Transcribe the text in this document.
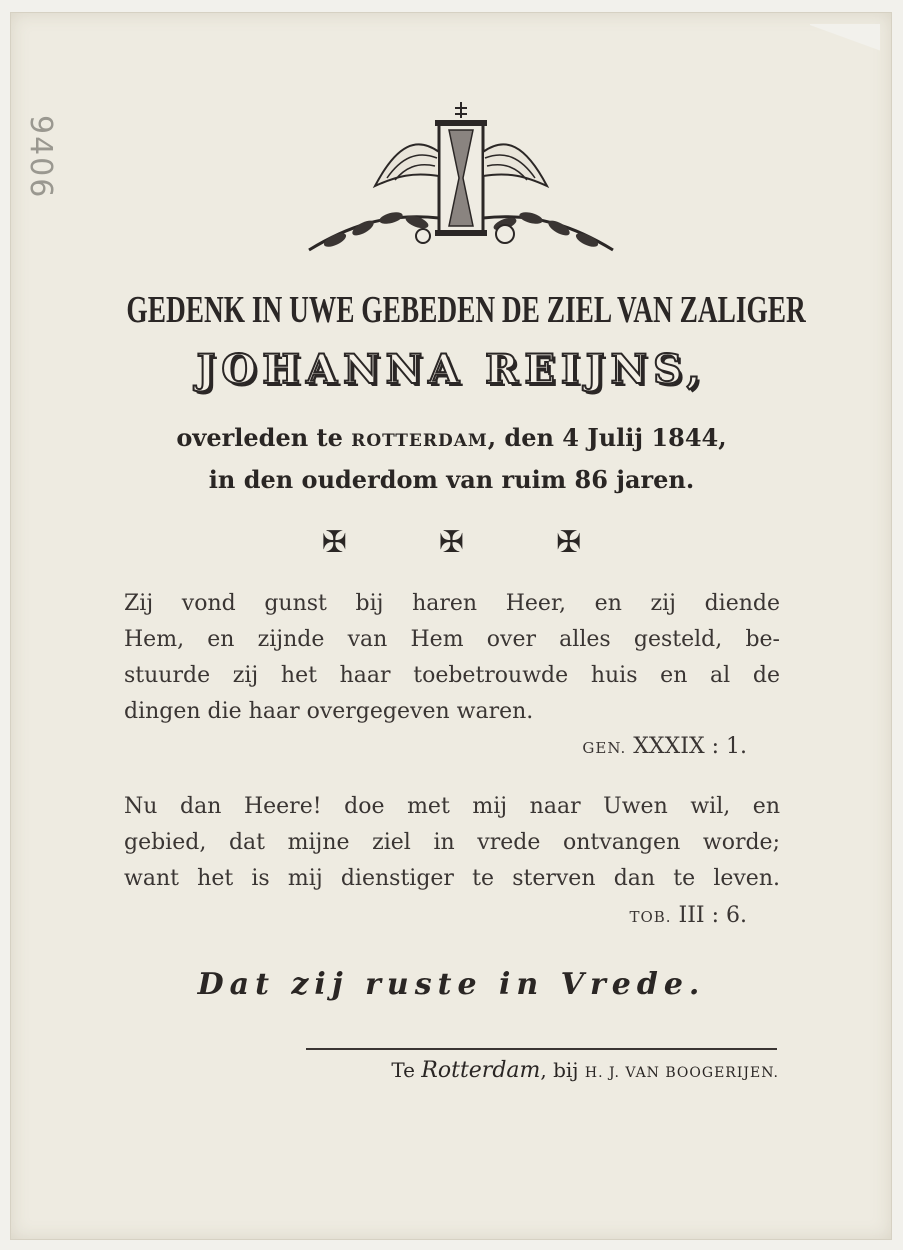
9406
GEDENK IN UWE GEBEDEN DE ZIEL VAN ZALIGER
JOHANNA REIJNS,
overleden te ROTTERDAM, den 4 Julij 1844,
in den ouderdom van ruim 86 jaren.
✠	✠	✠
Zij vond gunst bij haren Heer, en zij diende
Hem, en zijnde van Hem over alles gesteld, be-
stuurde zij het haar toebetrouwde huis en al de
dingen die haar overgegeven waren.
GEN. XXXIX : 1.
Nu dan Heere! doe met mij naar Uwen wil, en
gebied, dat mijne ziel in vrede ontvangen worde;
want het is mij dienstiger te sterven dan te leven.
TOB. III : 6.
Dat zij ruste in Vrede.
Te Rotterdam, bij H. J. VAN BOOGERIJEN.
